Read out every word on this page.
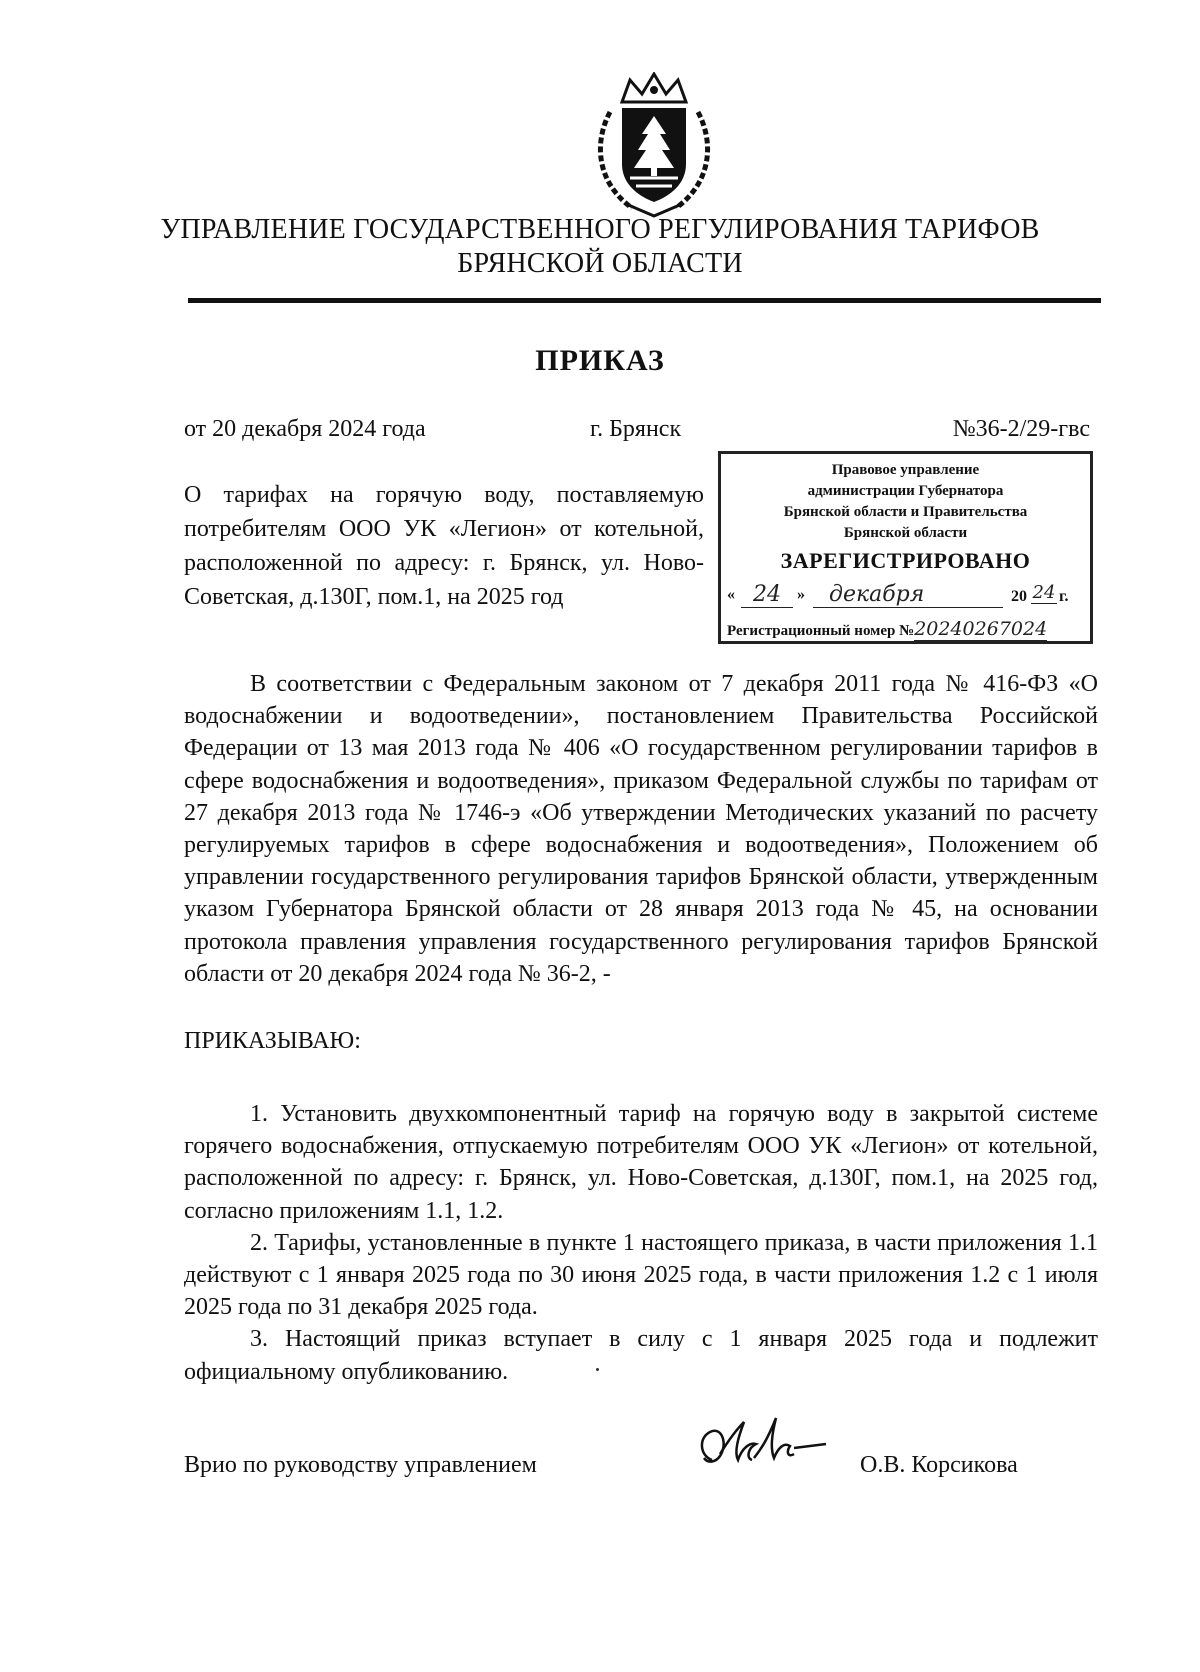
УПРАВЛЕНИЕ ГОСУДАРСТВЕННОГО РЕГУЛИРОВАНИЯ ТАРИФОВ
БРЯНСКОЙ ОБЛАСТИ
ПРИКАЗ
от 20 декабря 2024 года	г. Брянск	№36-2/29-гвс
О тарифах на горячую воду, поставляемую потребителям ООО УК «Легион» от котельной, расположенной по адресу: г. Брянск, ул. Ново-Советская, д.130Г, пом.1, на 2025 год
Правовое управление
администрации Губернатора
Брянской области и Правительства
Брянской области
ЗАРЕГИСТРИРОВАНО
« 24	»	декабря	20 24 г.
Регистрационный номер №20240267024
В соответствии с Федеральным законом от 7 декабря 2011 года № 416-ФЗ «О водоснабжении и водоотведении», постановлением Правительства Российской Федерации от 13 мая 2013 года № 406 «О государственном регулировании тарифов в сфере водоснабжения и водоотведения», приказом Федеральной службы по тарифам от 27 декабря 2013 года № 1746-э «Об утверждении Методических указаний по расчету регулируемых тарифов в сфере водоснабжения и водоотведения», Положением об управлении государственного регулирования тарифов Брянской области, утвержденным указом Губернатора Брянской области от 28 января 2013 года № 45, на основании протокола правления управления государственного регулирования тарифов Брянской области от 20 декабря 2024 года № 36-2, -
ПРИКАЗЫВАЮ:

1. Установить двухкомпонентный тариф на горячую воду в закрытой системе горячего водоснабжения, отпускаемую потребителям ООО УК «Легион» от котельной, расположенной по адресу: г. Брянск, ул. Ново-Советская, д.130Г, пом.1, на 2025 год, согласно приложениям 1.1, 1.2.

2. Тарифы, установленные в пункте 1 настоящего приказа, в части приложения 1.1 действуют с 1 января 2025 года по 30 июня 2025 года, в части приложения 1.2 с 1 июля 2025 года по 31 декабря 2025 года.

3. Настоящий приказ вступает в силу с 1 января 2025 года и подлежит официальному опубликованию.

Врио по руководству управлением	О.В. Корсикова
